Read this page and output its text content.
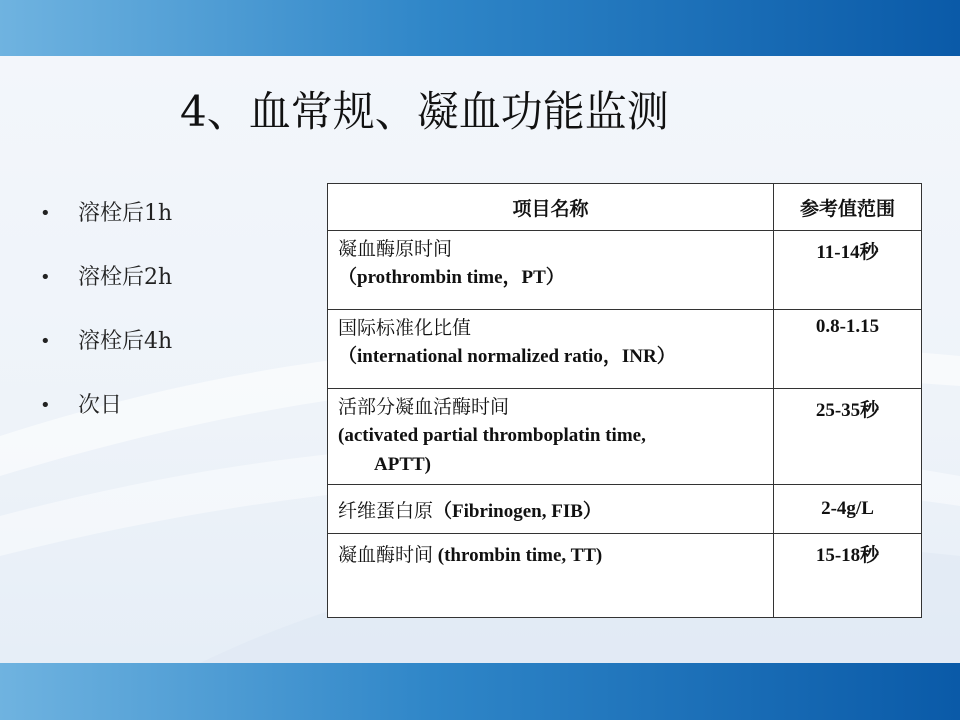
4、血常规、凝血功能监测
•	溶栓后1h
•	溶栓后2h
•	溶栓后4h
•	次日
项目名称	参考值范围

凝血酶原时间
（prothrombin time，PT）	11-14秒

国际标准化比值
（international normalized ratio，INR）	0.8-1.15

活部分凝血活酶时间
(activated partial thromboplatin time,
APTT)	25-35秒
纤维蛋白原（Fibrinogen, FIB）	2-4g/L
凝血酶时间 (thrombin time, TT)	15-18秒
